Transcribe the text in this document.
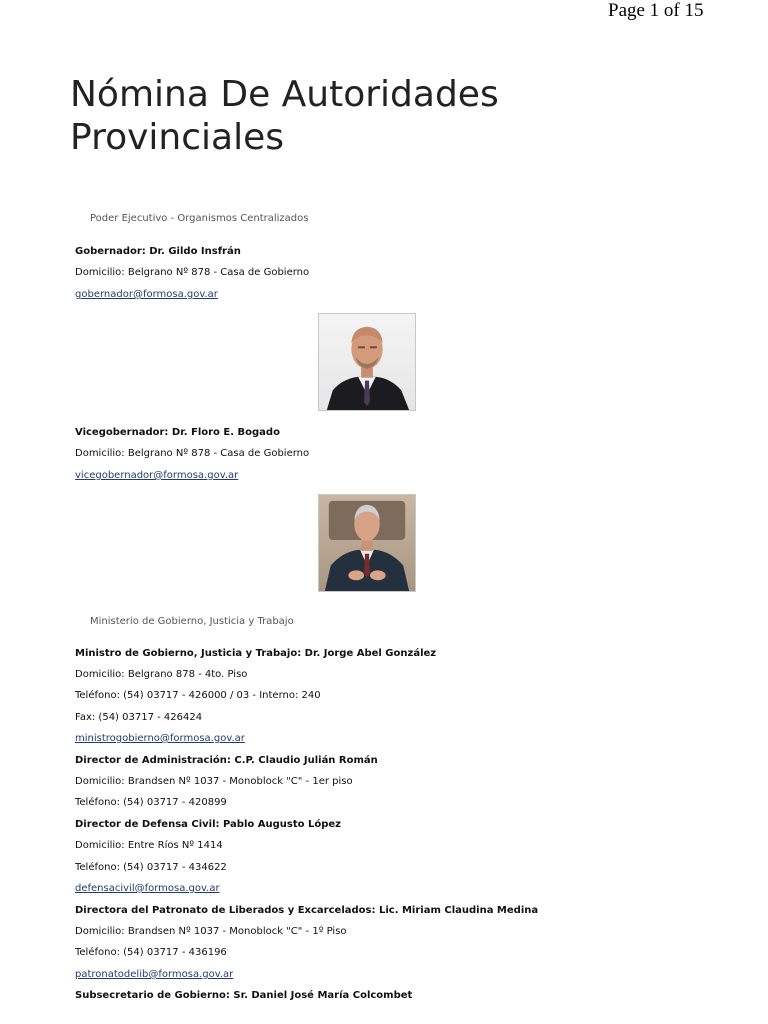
Page 1 of 15
Nómina De Autoridades
Provinciales
Poder Ejecutivo - Organismos Centralizados
Gobernador: Dr. Gildo Insfrán
Domicilio: Belgrano Nº 878 - Casa de Gobierno
gobernador@formosa.gov.ar
Vicegobernador: Dr. Floro E. Bogado
Domicilio: Belgrano Nº 878 - Casa de Gobierno
vicegobernador@formosa.gov.ar
Ministerio de Gobierno, Justicia y Trabajo
Ministro de Gobierno, Justicia y Trabajo: Dr. Jorge Abel González
Domicilio: Belgrano 878 - 4to. Piso
Teléfono: (54) 03717 - 426000 / 03 - Interno: 240
Fax: (54) 03717 - 426424
ministrogobierno@formosa.gov.ar
Director de Administración: C.P. Claudio Julián Román
Domicilio: Brandsen Nº 1037 - Monoblock "C" - 1er piso
Teléfono: (54) 03717 - 420899
Director de Defensa Civil: Pablo Augusto López
Domicilio: Entre Ríos Nº 1414
Teléfono: (54) 03717 - 434622
defensacivil@formosa.gov.ar
Directora del Patronato de Liberados y Excarcelados: Lic. Miriam Claudina Medina
Domicilio: Brandsen Nº 1037 - Monoblock "C" - 1º Piso
Teléfono: (54) 03717 - 436196
patronatodelib@formosa.gov.ar
Subsecretario de Gobierno: Sr. Daniel José María Colcombet
